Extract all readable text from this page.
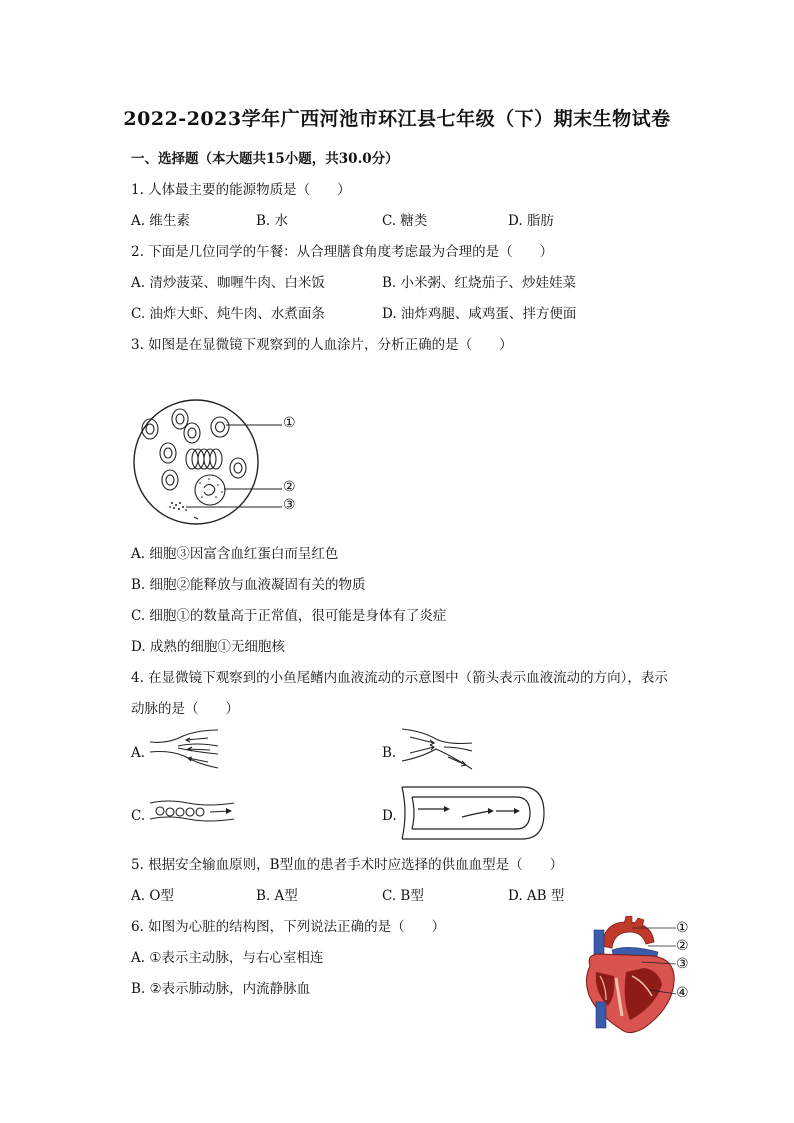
2022-2023学年广西河池市环江县七年级（下）期末生物试卷
一、选择题（本大题共15小题，共30.0分）
1. 人体最主要的能源物质是（　　）
A. 维生素	B. 水	C. 糖类	D. 脂肪
2. 下面是几位同学的午餐：从合理膳食角度考虑最为合理的是（　　）
A. 清炒菠菜、咖喱牛肉、白米饭	B. 小米粥、红烧茄子、炒娃娃菜
C. 油炸大虾、炖牛肉、水煮面条	D. 油炸鸡腿、咸鸡蛋、拌方便面
3. 如图是在显微镜下观察到的人血涂片，分析正确的是（　　）
①
②
③
A. 细胞③因富含血红蛋白而呈红色
B. 细胞②能释放与血液凝固有关的物质
C. 细胞①的数量高于正常值，很可能是身体有了炎症
D. 成熟的细胞①无细胞核
4. 在显微镜下观察到的小鱼尾鳍内血液流动的示意图中（箭头表示血液流动的方向），表示
动脉的是（　　）
A.	B.
C.	D.
5. 根据安全输血原则，B型血的患者手术时应选择的供血血型是（　　）
A. O型	B. A型	C. B型	D. AB 型
6. 如图为心脏的结构图，下列说法正确的是（　　）
A. ①表示主动脉，与右心室相连
B. ②表示肺动脉，内流静脉血
①
②
③
④
